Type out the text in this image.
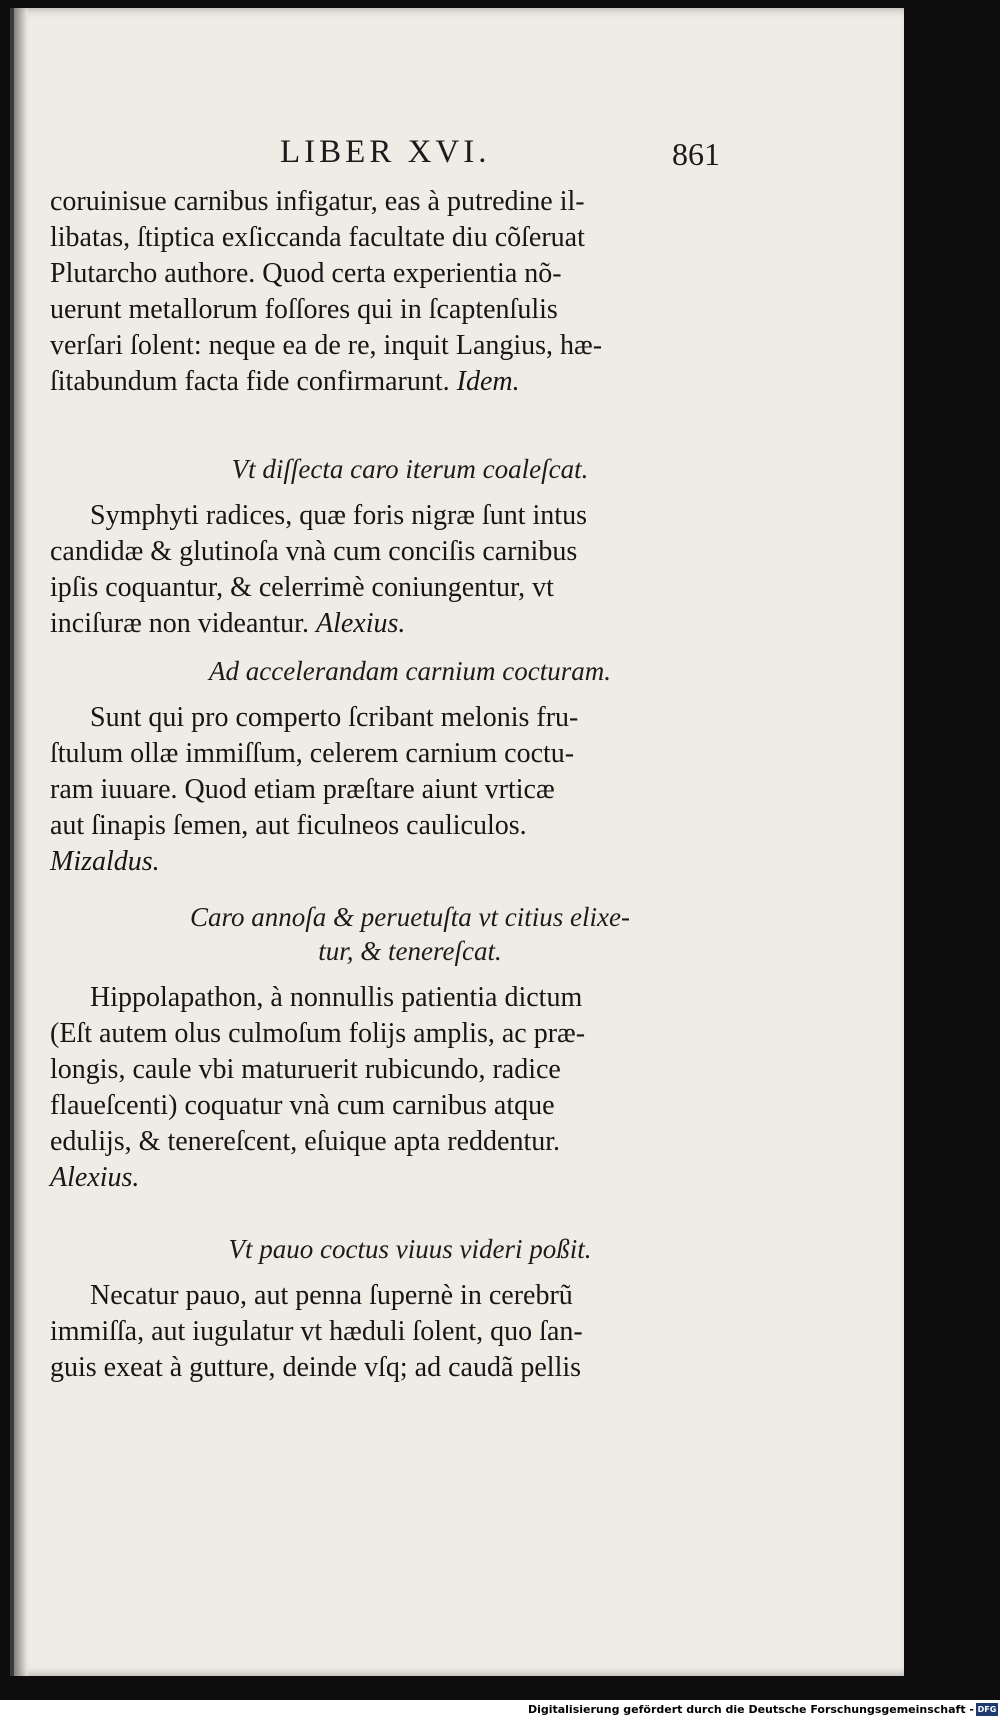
LIBER XVI.	861
coruinisue carnibus infigatur, eas à putredine il-
libatas, ſtiptica exſiccanda facultate diu cõſeruat
Plutarcho authore. Quod certa experientia nõ-
uerunt metallorum foſſores qui in ſcaptenſulis
verſari ſolent: neque ea de re, inquit Langius, hæ-
ſitabundum facta fide confirmarunt. Idem.
Vt diſſecta caro iterum coaleſcat.
Symphyti radices, quæ foris nigræ ſunt intus
candidæ & glutinoſa vnà cum conciſis carnibus
ipſis coquantur, & celerrimè coniungentur, vt
inciſuræ non videantur. Alexius.
Ad accelerandam carnium cocturam.
Sunt qui pro comperto ſcribant melonis fru-
ſtulum ollæ immiſſum, celerem carnium coctu-
ram iuuare. Quod etiam præſtare aiunt vrticæ
aut ſinapis ſemen, aut ficulneos cauliculos.
Mizaldus.
Caro annoſa & peruetuſta vt citius elixe-
tur, & tenereſcat.
Hippolapathon, à nonnullis patientia dictum
(Eſt autem olus culmoſum folijs amplis, ac præ-
longis, caule vbi maturuerit rubicundo, radice
flaueſcenti) coquatur vnà cum carnibus atque
edulijs, & tenereſcent, eſuique apta reddentur.
Alexius.
Vt pauo coctus viuus videri poßit.
Necatur pauo, aut penna ſupernè in cerebrũ
immiſſa, aut iugulatur vt hæduli ſolent, quo ſan-
guis exeat à gutture, deinde vſq; ad caudã pellis
Digitalisierung gefördert durch die Deutsche Forschungsgemeinschaft - DFG
